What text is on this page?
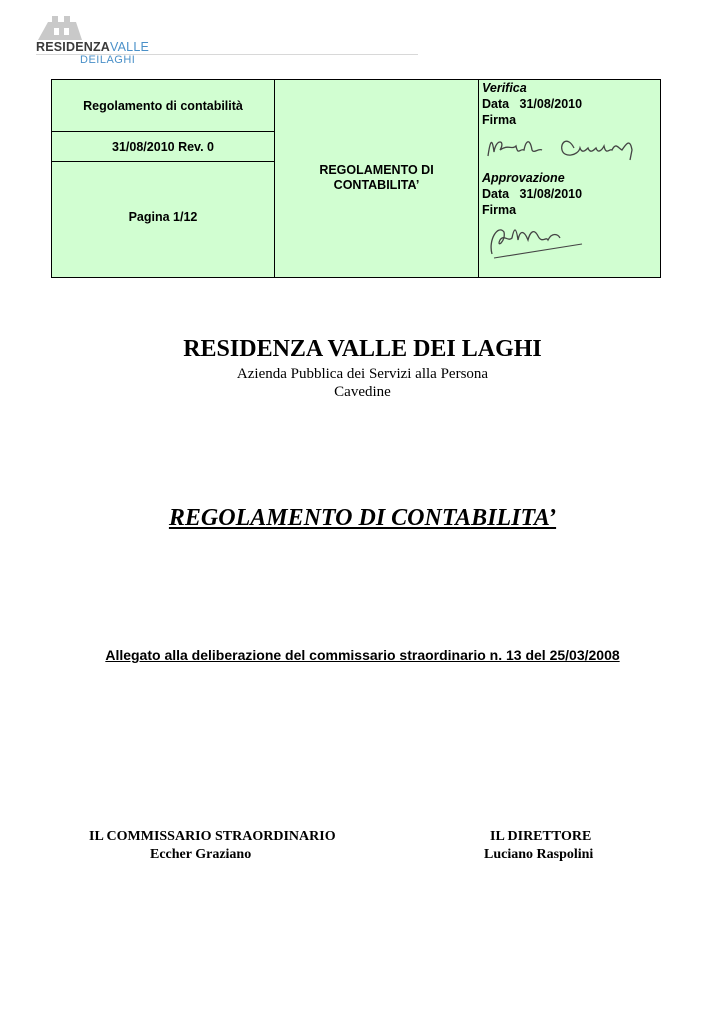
RESIDENZAVALLE
DEILAGHI
Regolamento di contabilità
31/08/2010 Rev. 0
Pagina 1/12
REGOLAMENTO DI CONTABILITA’
Verifica
Data 31/08/2010
Firma
Approvazione
Data 31/08/2010
Firma
RESIDENZA VALLE DEI LAGHI
Azienda Pubblica dei Servizi alla Persona
Cavedine
REGOLAMENTO DI CONTABILITA’
Allegato alla deliberazione del commissario straordinario n. 13 del 25/03/2008
IL COMMISSARIO STRAORDINARIO
Eccher Graziano
IL DIRETTORE
Luciano Raspolini
